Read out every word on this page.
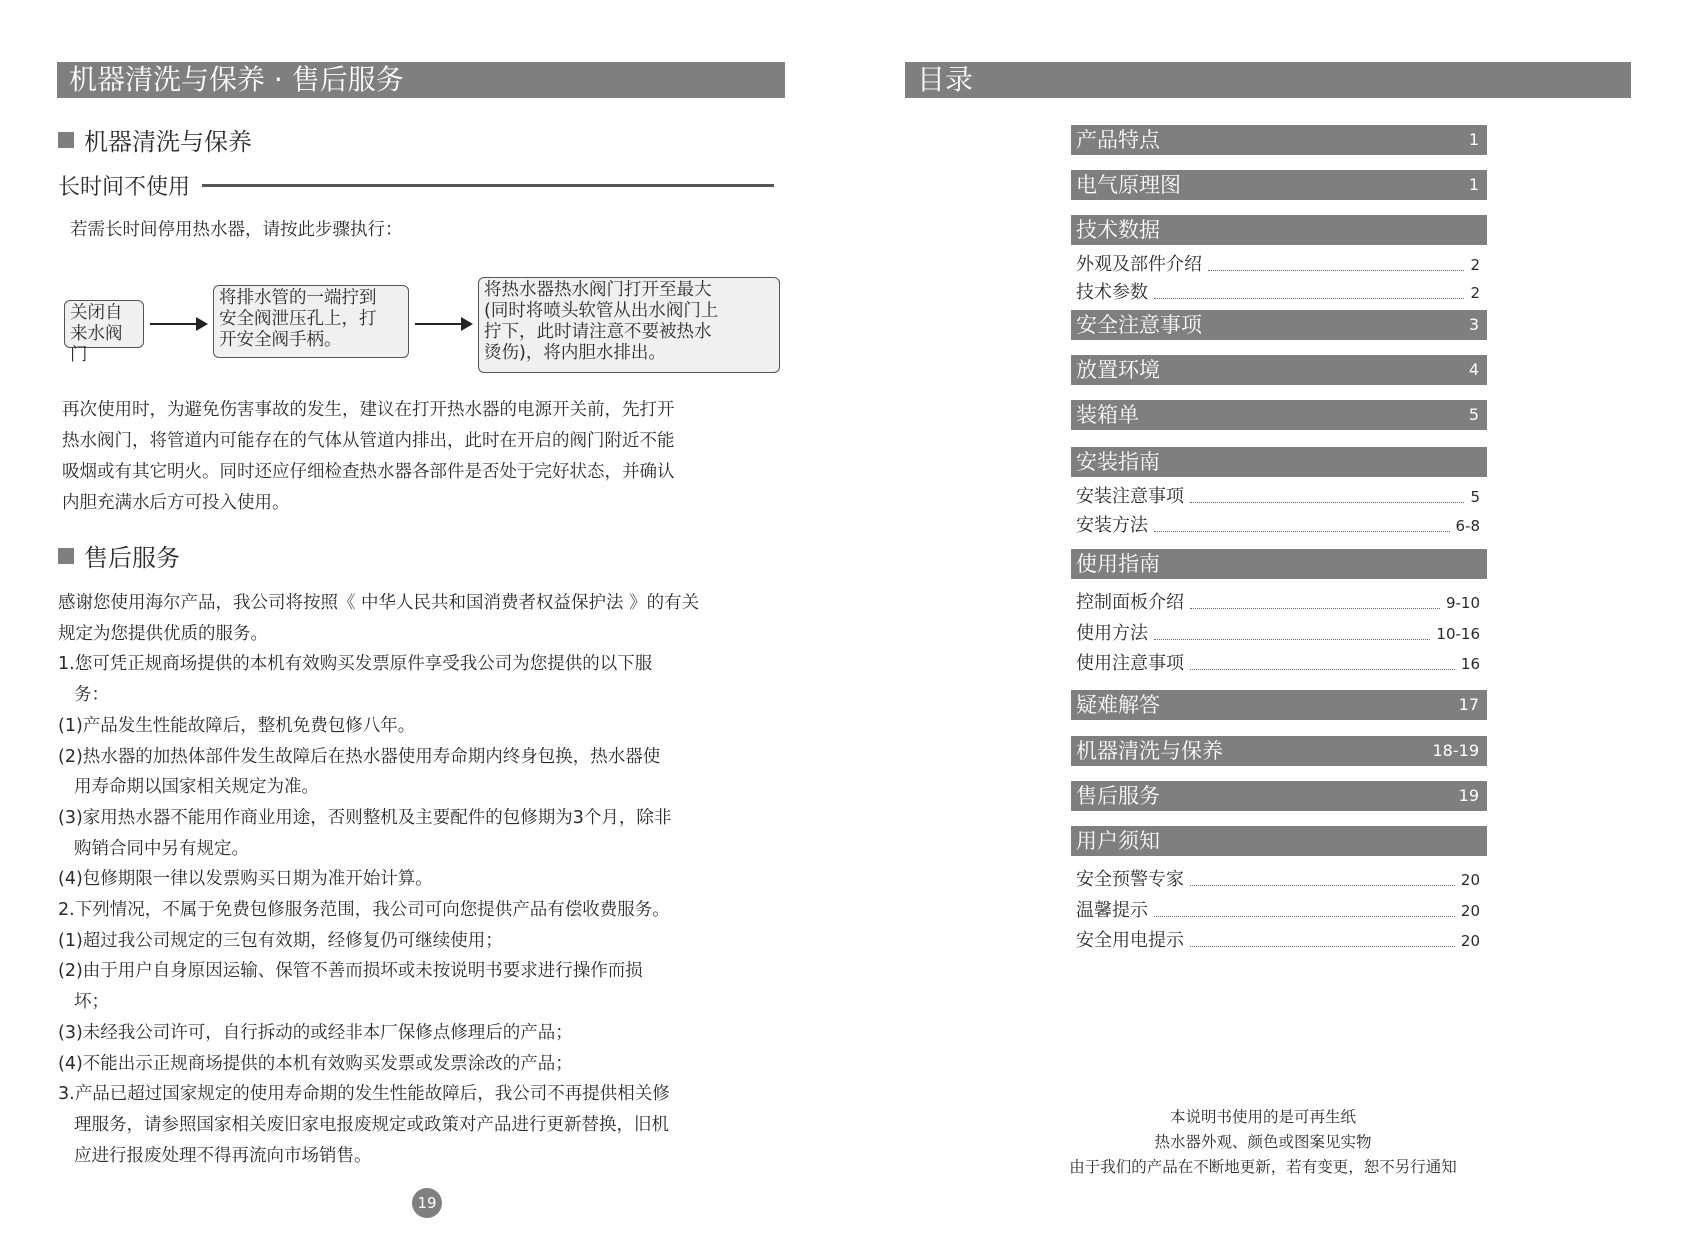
机器清洗与保养 · 售后服务
机器清洗与保养
长时间不使用
若需长时间停用热水器，请按此步骤执行：
关闭自
来水阀门
将排水管的一端拧到
安全阀泄压孔上，打
开安全阀手柄。
将热水器热水阀门打开至最大
(同时将喷头软管从出水阀门上
拧下，此时请注意不要被热水
烫伤)，将内胆水排出。
再次使用时，为避免伤害事故的发生，建议在打开热水器的电源开关前，先打开
热水阀门，将管道内可能存在的气体从管道内排出，此时在开启的阀门附近不能
吸烟或有其它明火。同时还应仔细检查热水器各部件是否处于完好状态，并确认
内胆充满水后方可投入使用。
售后服务
感谢您使用海尔产品，我公司将按照《 中华人民共和国消费者权益保护法 》的有关
规定为您提供优质的服务。
1.您可凭正规商场提供的本机有效购买发票原件享受我公司为您提供的以下服
务：
(1)产品发生性能故障后，整机免费包修八年。
(2)热水器的加热体部件发生故障后在热水器使用寿命期内终身包换，热水器使
用寿命期以国家相关规定为准。
(3)家用热水器不能用作商业用途，否则整机及主要配件的包修期为3个月，除非
购销合同中另有规定。
(4)包修期限一律以发票购买日期为准开始计算。
2.下列情况，不属于免费包修服务范围，我公司可向您提供产品有偿收费服务。
(1)超过我公司规定的三包有效期，经修复仍可继续使用；
(2)由于用户自身原因运输、保管不善而损坏或未按说明书要求进行操作而损
坏；
(3)未经我公司许可，自行拆动的或经非本厂保修点修理后的产品；
(4)不能出示正规商场提供的本机有效购买发票或发票涂改的产品；
3.产品已超过国家规定的使用寿命期的发生性能故障后，我公司不再提供相关修
理服务，请参照国家相关废旧家电报废规定或政策对产品进行更新替换，旧机
应进行报废处理不得再流向市场销售。
19
目录
产品特点	1
电气原理图	1
技术数据
外观及部件介绍	2
技术参数	2
安全注意事项	3
放置环境	4
装箱单	5
安装指南
安装注意事项	5
安装方法	6-8
使用指南
控制面板介绍	9-10
使用方法	10-16
使用注意事项	16
疑难解答	17
机器清洗与保养	18-19
售后服务	19
用户须知
安全预警专家	20
温馨提示	20
安全用电提示	20
本说明书使用的是可再生纸
热水器外观、颜色或图案见实物
由于我们的产品在不断地更新，若有变更，恕不另行通知
